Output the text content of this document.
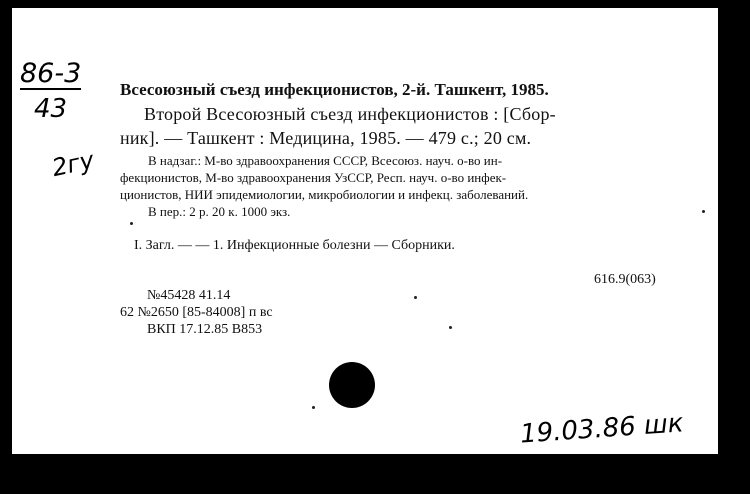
86-3
43
2гу
Всесоюзный съезд инфекционистов, 2-й. Ташкент, 1985.
Второй Всесоюзный съезд инфекционистов : [Сбор-
ник]. — Ташкент : Медицина, 1985. — 479 с.; 20 см.
В надзаг.: М-во здравоохранения СССР, Всесоюз. науч. о-во ин-
фекционистов, М-во здравоохранения УзССР, Респ. науч. о-во инфек-
ционистов, НИИ эпидемиологии, микробиологии и инфекц. заболеваний.
В пер.: 2 р. 20 к. 1000 экз.
I. Загл. — — 1. Инфекционные болезни — Сборники.
616.9(063)
№45428 41.14
62 №2650 [85-84008] п вс
ВКП 17.12.85 В853
19.03.86 шк
